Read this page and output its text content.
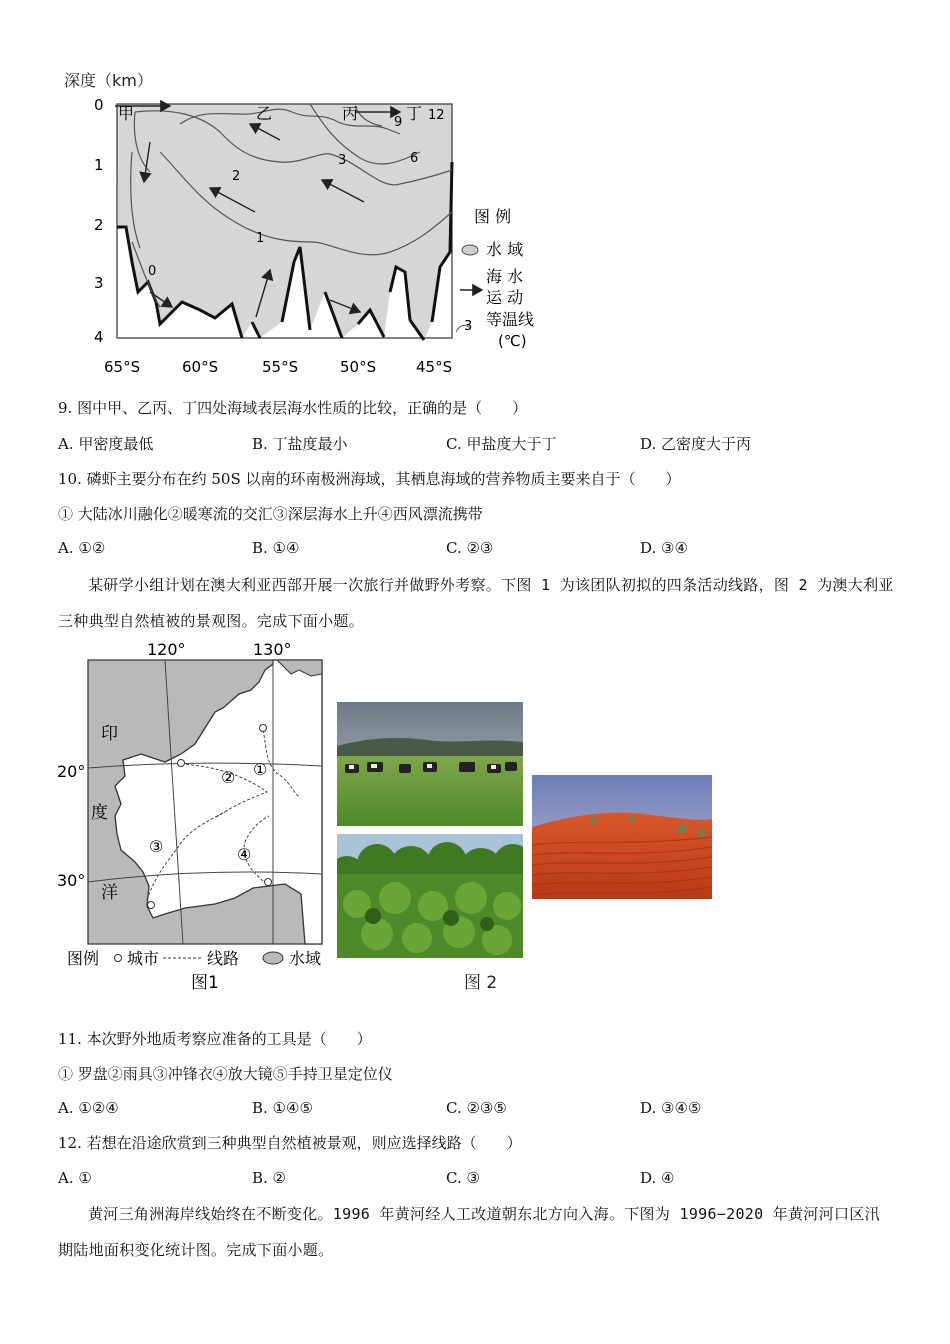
深度（km）
甲	乙	丙	丁
9 12
3	6
2
1
0
0
1
2
3
4
65°S	60°S	55°S	50°S	45°S
图 例
水 域
海 水
运 动
等温线
3
(℃)
9. 图中甲、乙丙、丁四处海域表层海水性质的比较，正确的是（　　）
A. 甲密度最低	B. 丁盐度最小	C. 甲盐度大于丁	D. 乙密度大于丙
10. 磷虾主要分布在约 50S 以南的环南极洲海域，其栖息海域的营养物质主要来自于（　　）
① 大陆冰川融化②暖寒流的交汇③深层海水上升④西风漂流携带
A. ①②	B. ①④	C. ②③	D. ③④
某研学小组计划在澳大利亚西部开展一次旅行并做野外考察。下图 1 为该团队初拟的四条活动线路，图 2 为澳大利亚三种典型自然植被的景观图。完成下面小题。
120°	130°
①
②
③	④
印
度
洋
20°
30°
图例 城市	线路	水域
图1	图 2
11. 本次野外地质考察应准备的工具是（　　）
① 罗盘②雨具③冲锋衣④放大镜⑤手持卫星定位仪
A. ①②④	B. ①④⑤	C. ②③⑤	D. ③④⑤
12. 若想在沿途欣赏到三种典型自然植被景观，则应选择线路（　　）
A. ①	B. ②	C. ③	D. ④
黄河三角洲海岸线始终在不断变化。1996 年黄河经人工改道朝东北方向入海。下图为 1996−2020 年黄河河口区汛期陆地面积变化统计图。完成下面小题。
